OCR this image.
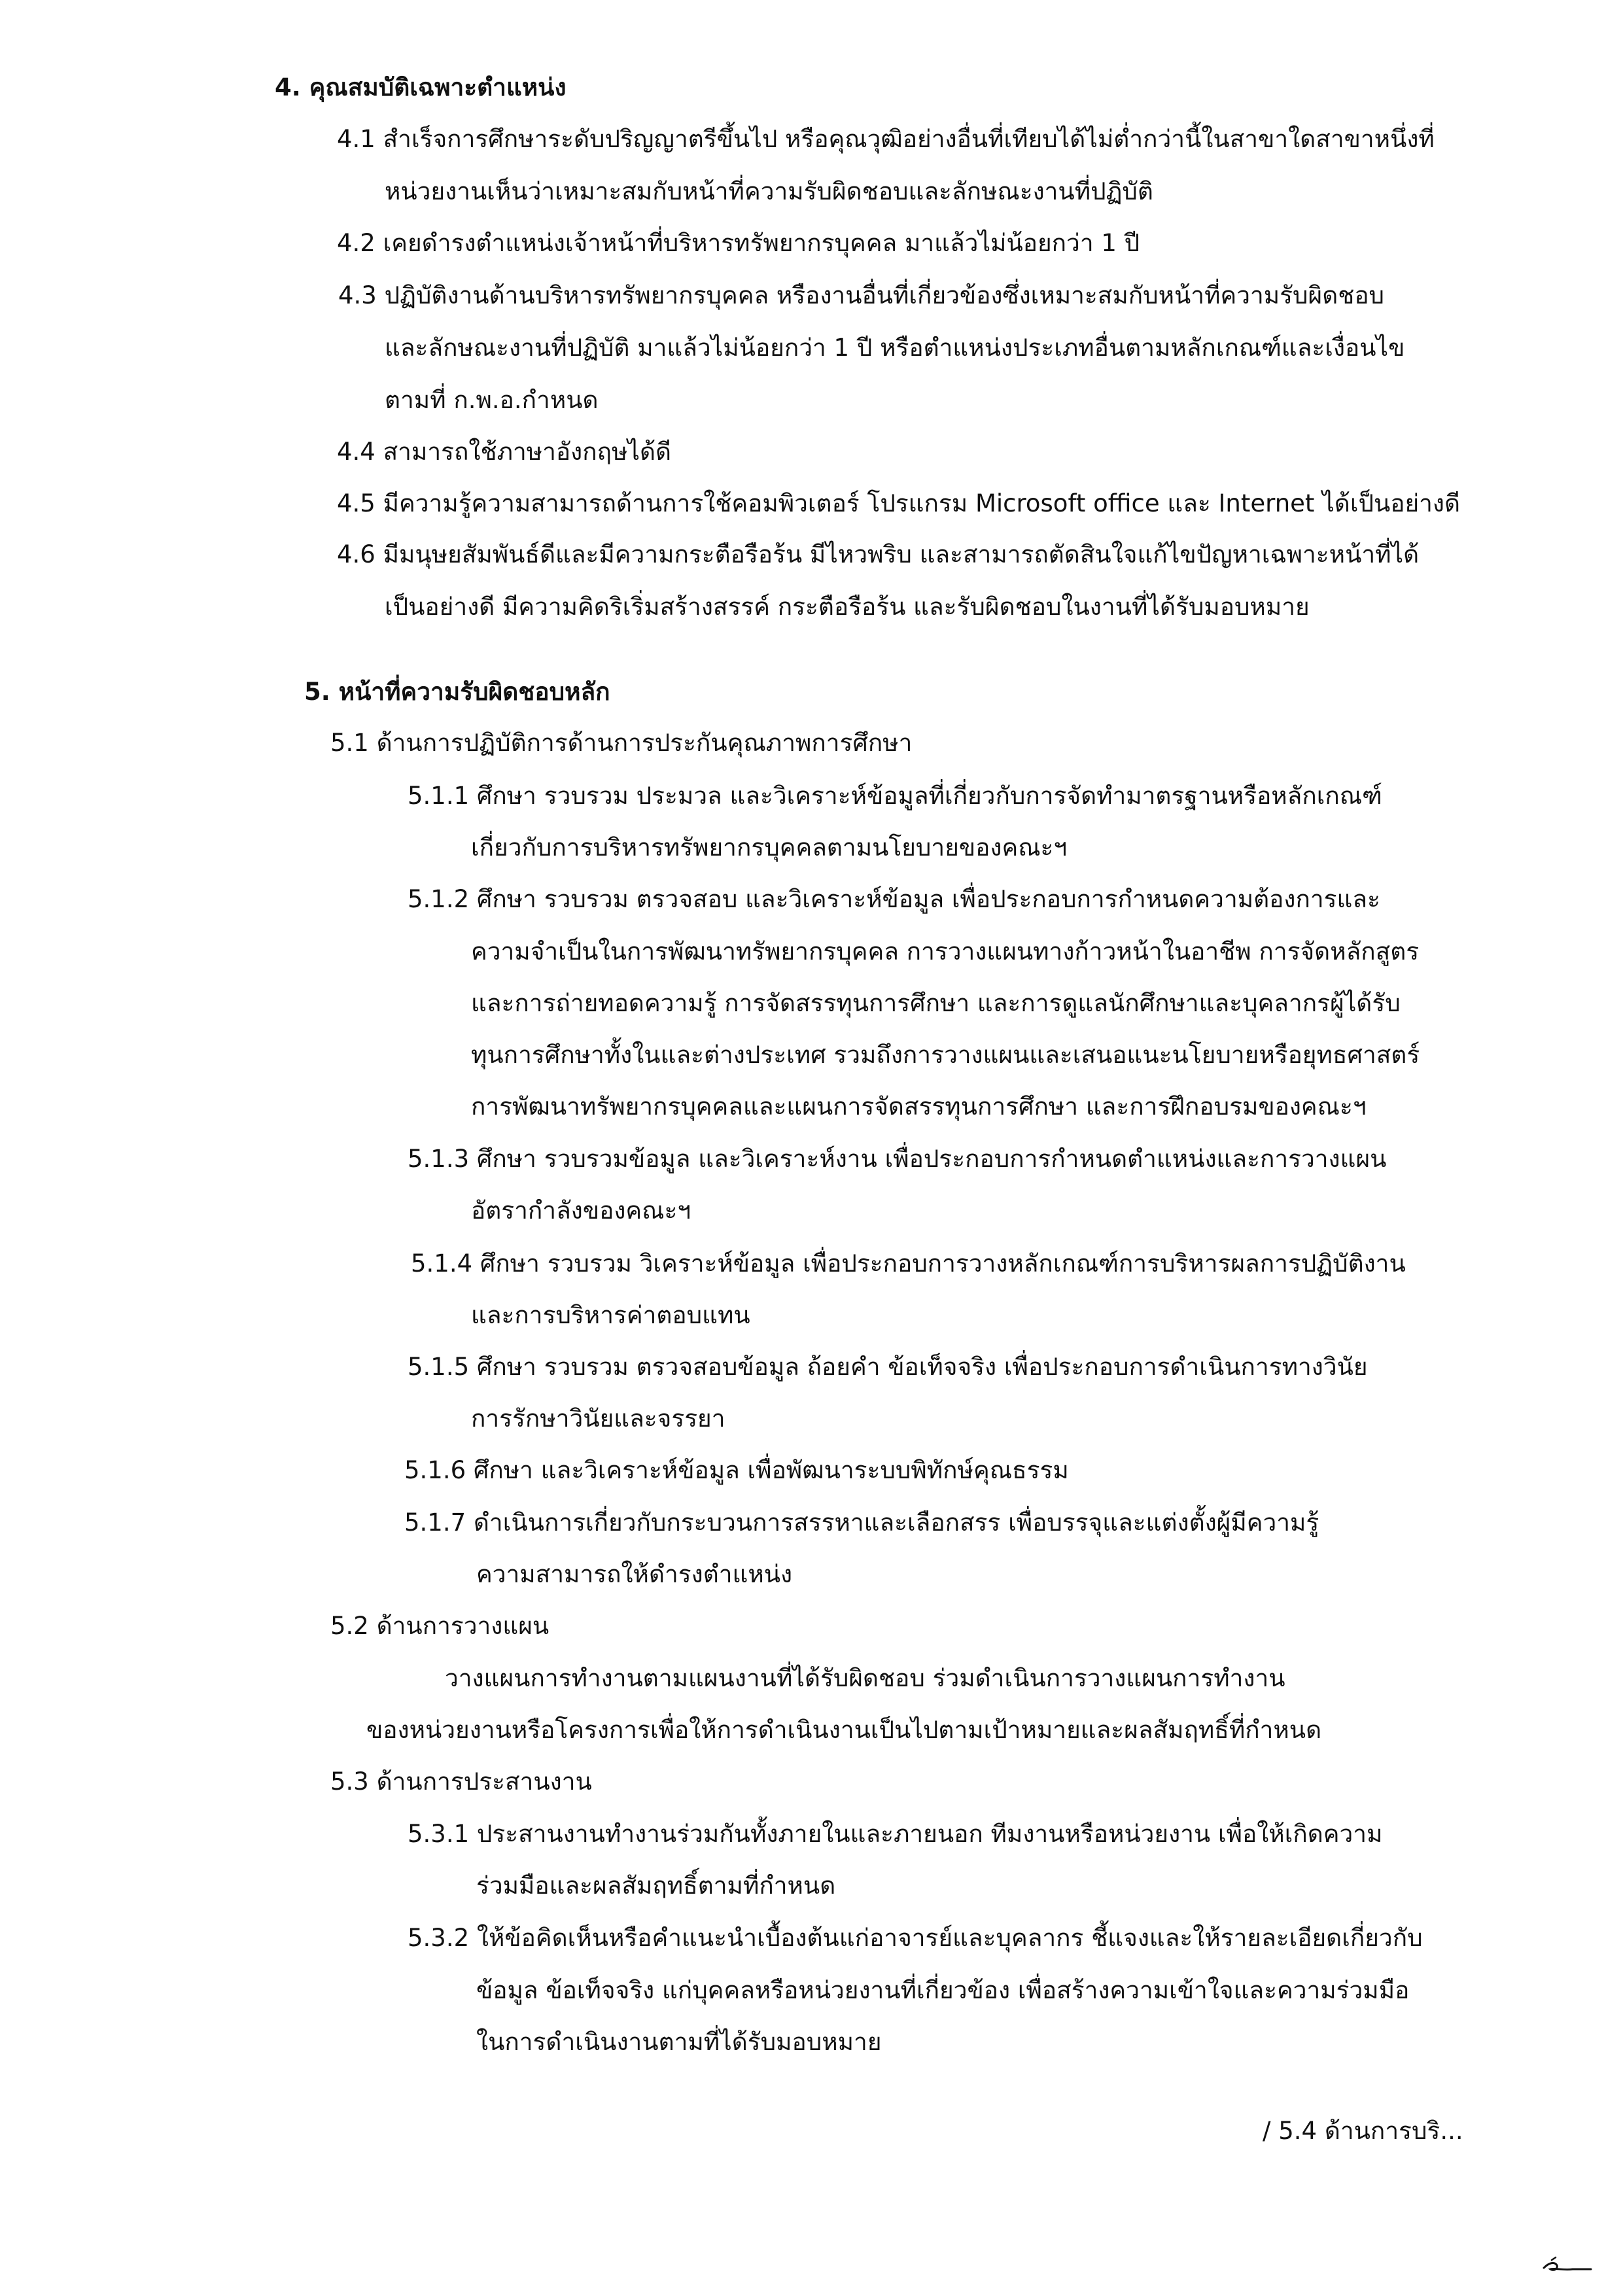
4. คุณสมบัติเฉพาะตำแหน่ง
4.1 สำเร็จการศึกษาระดับปริญญาตรีขึ้นไป หรือคุณวุฒิอย่างอื่นที่เทียบได้ไม่ต่ำกว่านี้ในสาขาใดสาขาหนึ่งที่
หน่วยงานเห็นว่าเหมาะสมกับหน้าที่ความรับผิดชอบและลักษณะงานที่ปฏิบัติ
4.2 เคยดำรงตำแหน่งเจ้าหน้าที่บริหารทรัพยากรบุคคล มาแล้วไม่น้อยกว่า 1 ปี
4.3 ปฏิบัติงานด้านบริหารทรัพยากรบุคคล หรืองานอื่นที่เกี่ยวข้องซึ่งเหมาะสมกับหน้าที่ความรับผิดชอบ
และลักษณะงานที่ปฏิบัติ มาแล้วไม่น้อยกว่า 1 ปี หรือตำแหน่งประเภทอื่นตามหลักเกณฑ์และเงื่อนไข
ตามที่ ก.พ.อ.กำหนด
4.4 สามารถใช้ภาษาอังกฤษได้ดี
4.5 มีความรู้ความสามารถด้านการใช้คอมพิวเตอร์ โปรแกรม Microsoft office และ Internet ได้เป็นอย่างดี
4.6 มีมนุษยสัมพันธ์ดีและมีความกระตือรือร้น มีไหวพริบ และสามารถตัดสินใจแก้ไขปัญหาเฉพาะหน้าที่ได้
เป็นอย่างดี มีความคิดริเริ่มสร้างสรรค์ กระตือรือร้น และรับผิดชอบในงานที่ได้รับมอบหมาย
5. หน้าที่ความรับผิดชอบหลัก
5.1 ด้านการปฏิบัติการด้านการประกันคุณภาพการศึกษา
5.1.1 ศึกษา รวบรวม ประมวล และวิเคราะห์ข้อมูลที่เกี่ยวกับการจัดทำมาตรฐานหรือหลักเกณฑ์
เกี่ยวกับการบริหารทรัพยากรบุคคลตามนโยบายของคณะฯ
5.1.2 ศึกษา รวบรวม ตรวจสอบ และวิเคราะห์ข้อมูล เพื่อประกอบการกำหนดความต้องการและ
ความจำเป็นในการพัฒนาทรัพยากรบุคคล การวางแผนทางก้าวหน้าในอาชีพ การจัดหลักสูตร
และการถ่ายทอดความรู้ การจัดสรรทุนการศึกษา และการดูแลนักศึกษาและบุคลากรผู้ได้รับ
ทุนการศึกษาทั้งในและต่างประเทศ รวมถึงการวางแผนและเสนอแนะนโยบายหรือยุทธศาสตร์
การพัฒนาทรัพยากรบุคคลและแผนการจัดสรรทุนการศึกษา และการฝึกอบรมของคณะฯ
5.1.3 ศึกษา รวบรวมข้อมูล และวิเคราะห์งาน เพื่อประกอบการกำหนดตำแหน่งและการวางแผน
อัตรากำลังของคณะฯ
5.1.4 ศึกษา รวบรวม วิเคราะห์ข้อมูล เพื่อประกอบการวางหลักเกณฑ์การบริหารผลการปฏิบัติงาน
และการบริหารค่าตอบแทน
5.1.5 ศึกษา รวบรวม ตรวจสอบข้อมูล ถ้อยคำ ข้อเท็จจริง เพื่อประกอบการดำเนินการทางวินัย
การรักษาวินัยและจรรยา
5.1.6 ศึกษา และวิเคราะห์ข้อมูล เพื่อพัฒนาระบบพิทักษ์คุณธรรม
5.1.7 ดำเนินการเกี่ยวกับกระบวนการสรรหาและเลือกสรร เพื่อบรรจุและแต่งตั้งผู้มีความรู้
ความสามารถให้ดำรงตำแหน่ง
5.2 ด้านการวางแผน
วางแผนการทำงานตามแผนงานที่ได้รับผิดชอบ ร่วมดำเนินการวางแผนการทำงาน
ของหน่วยงานหรือโครงการเพื่อให้การดำเนินงานเป็นไปตามเป้าหมายและผลสัมฤทธิ์ที่กำหนด
5.3 ด้านการประสานงาน
5.3.1 ประสานงานทำงานร่วมกันทั้งภายในและภายนอก ทีมงานหรือหน่วยงาน เพื่อให้เกิดความ
ร่วมมือและผลสัมฤทธิ์ตามที่กำหนด
5.3.2 ให้ข้อคิดเห็นหรือคำแนะนำเบื้องต้นแก่อาจารย์และบุคลากร ชี้แจงและให้รายละเอียดเกี่ยวกับ
ข้อมูล ข้อเท็จจริง แก่บุคคลหรือหน่วยงานที่เกี่ยวข้อง เพื่อสร้างความเข้าใจและความร่วมมือ
ในการดำเนินงานตามที่ได้รับมอบหมาย
/ 5.4 ด้านการบริ...
